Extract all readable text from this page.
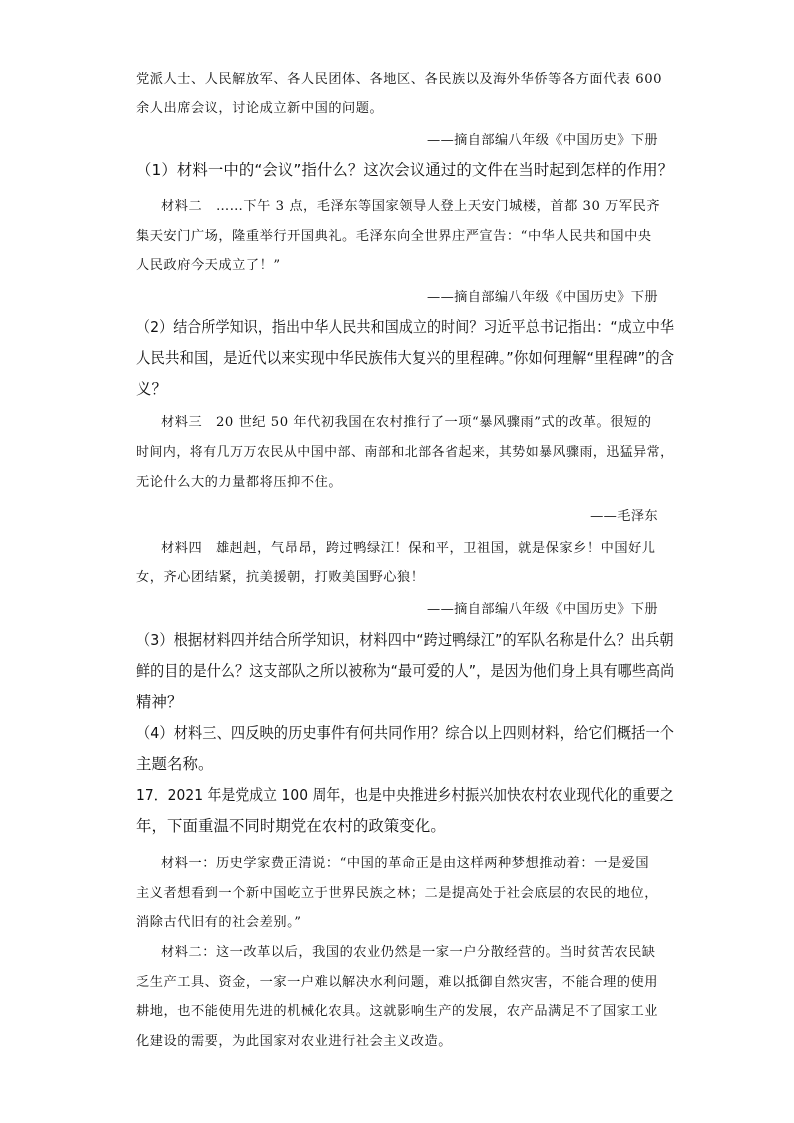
党派人士、人民解放军、各人民团体、各地区、各民族以及海外华侨等各方面代表 600
余人出席会议，讨论成立新中国的问题。
——摘自部编八年级《中国历史》下册
（1）材料一中的“会议”指什么？这次会议通过的文件在当时起到怎样的作用？
材料二　……下午 3 点，毛泽东等国家领导人登上天安门城楼，首都 30 万军民齐
集天安门广场，隆重举行开国典礼。毛泽东向全世界庄严宣告：“中华人民共和国中央
人民政府今天成立了！”
——摘自部编八年级《中国历史》下册
（2）结合所学知识，指出中华人民共和国成立的时间？习近平总书记指出：“成立中华
人民共和国，是近代以来实现中华民族伟大复兴的里程碑。”你如何理解“里程碑”的含
义？
材料三　20 世纪 50 年代初我国在农村推行了一项“暴风骤雨”式的改革。很短的
时间内，将有几万万农民从中国中部、南部和北部各省起来，其势如暴风骤雨，迅猛异常，
无论什么大的力量都将压抑不住。
——毛泽东
材料四　雄赳赳，气昂昂，跨过鸭绿江！保和平，卫祖国，就是保家乡！中国好儿
女，齐心团结紧，抗美援朝，打败美国野心狼！
——摘自部编八年级《中国历史》下册
（3）根据材料四并结合所学知识，材料四中“跨过鸭绿江”的军队名称是什么？出兵朝
鲜的目的是什么？这支部队之所以被称为“最可爱的人”，是因为他们身上具有哪些高尚
精神？
（4）材料三、四反映的历史事件有何共同作用？综合以上四则材料，给它们概括一个
主题名称。
17．2021 年是党成立 100 周年，也是中央推进乡村振兴加快农村农业现代化的重要之
年，下面重温不同时期党在农村的政策变化。
材料一：历史学家费正清说：“中国的革命正是由这样两种梦想推动着：一是爱国
主义者想看到一个新中国屹立于世界民族之林；二是提高处于社会底层的农民的地位，
消除古代旧有的社会差别。”
材料二：这一改革以后，我国的农业仍然是一家一户分散经营的。当时贫苦农民缺
乏生产工具、资金，一家一户难以解决水利问题，难以抵御自然灾害，不能合理的使用
耕地，也不能使用先进的机械化农具。这就影响生产的发展，农产品满足不了国家工业
化建设的需要，为此国家对农业进行社会主义改造。
